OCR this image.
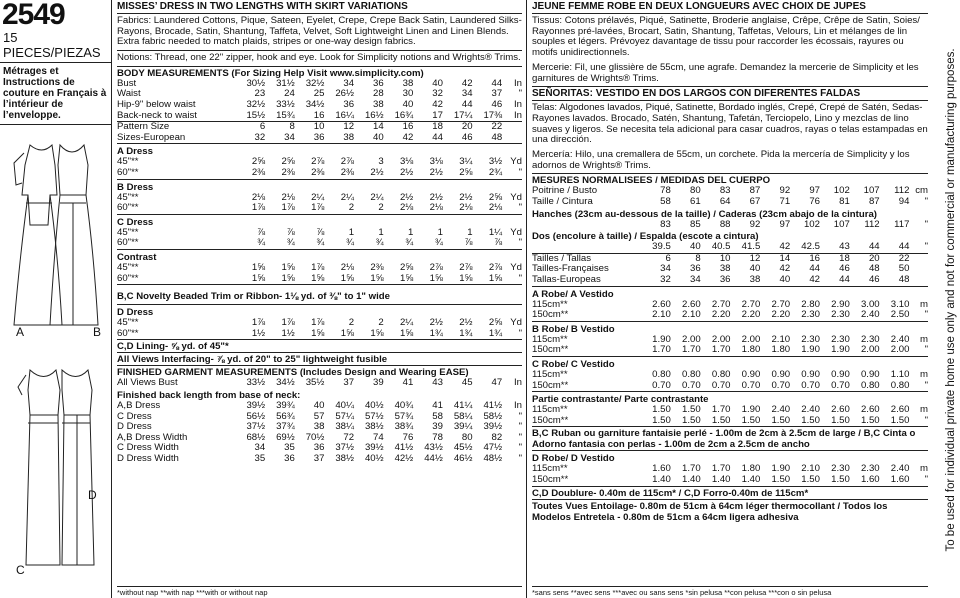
2549
15 PIECES/PIEZAS
Métrages et Instructions de couture en Français à l’intérieur de l’enveloppe.
A	B
C
D
MISSES’ DRESS IN TWO LENGTHS WITH SKIRT VARIATIONS
Fabrics: Laundered Cottons, Pique, Sateen, Eyelet, Crepe, Crepe Back Satin, Laundered Silks-Rayons, Brocade, Satin, Shantung, Taffeta, Velvet, Soft Lightweight Linen and Linen Blends. Extra fabric needed to match plaids, stripes or one-way design fabrics.
Notions: Thread, one 22" zipper, hook and eye. Look for Simplicity notions and Wrights® Trims.
BODY MEASUREMENTS (For Sizing Help Visit www.simplicity.com)
Bust	30½	31½	32½	34	36	38	40	42	44	In
Waist	23	24	25	26½	28	30	32	34	37	"
Hip-9" below waist	32½	33½	34½	36	38	40	42	44	46	In
Back-neck to waist	15½	15¾	16	16¼	16½	16¾	17	17¼	17⅜	In
Pattern Size	6	8	10	12	14	16	18	20	22	
Sizes-European	32	34	36	38	40	42	44	46	48	
A Dress
45"**	2⅝	2⅝	2⅞	2⅞	3	3⅛	3⅛	3¼	3½	Yd
60"**	2⅜	2⅜	2⅜	2⅜	2½	2½	2½	2⅝	2¾	"
B Dress
45"**	2⅛	2⅛	2¼	2¼	2¼	2½	2½	2½	2⅝	Yd
60"**	1⅞	1⅞	1⅞	2	2	2⅛	2⅛	2⅛	2⅛	"
C Dress
45"**	⅞	⅞	⅞	1	1	1	1	1	1¼	Yd
60"**	¾	¾	¾	¾	¾	¾	¾	⅞	⅞	"
Contrast
45"**	1⅝	1⅝	1⅞	2⅛	2⅜	2⅝	2⅞	2⅞	2⅞	Yd
60"**	1⅝	1⅝	1⅝	1⅝	1⅝	1⅝	1⅝	1⅝	1⅝	"
B,C Novelty Beaded Trim or Ribbon- 1⅛ yd. of ⅜" to 1" wide
D Dress
45"**	1⅞	1⅞	1⅞	2	2	2¼	2½	2½	2⅝	Yd
60"**	1½	1½	1⅝	1⅝	1⅝	1⅝	1¾	1¾	1¾	"
C,D Lining- ⅝ yd. of 45"*
All Views Interfacing- ⅞ yd. of 20" to 25" lightweight fusible
FINISHED GARMENT MEASUREMENTS (Includes Design and Wearing EASE)
All Views Bust	33½	34½	35½	37	39	41	43	45	47	In
Finished back length from base of neck:
A,B Dress	39½	39¾	40	40¼	40½	40¾	41	41¼	41½	In
C Dress	56½	56¾	57	57¼	57½	57¾	58	58¼	58½	"
D Dress	37½	37¾	38	38¼	38½	38¾	39	39¼	39½	"
A,B Dress Width	68½	69½	70½	72	74	76	78	80	82	"
C Dress Width	34	35	36	37½	39½	41½	43½	45½	47½	"
D Dress Width	35	36	37	38½	40½	42½	44½	46½	48½	"
*without nap **with nap ***with or without nap
JEUNE FEMME ROBE EN DEUX LONGUEURS AVEC CHOIX DE JUPES
Tissus: Cotons prélavés, Piqué, Satinette, Broderie anglaise, Crêpe, Crêpe de Satin, Soies/ Rayonnes pré-lavées, Brocart, Satin, Shantung, Taffetas, Velours, Lin et mélanges de lin souples et légers. Prévoyez davantage de tissu pour raccorder les écossais, rayures ou motifs unidirectionnels.
Mercerie: Fil, une glissière de 55cm, une agrafe. Demandez la mercerie de Simplicity et les garnitures de Wrights® Trims.
SEÑORITAS: VESTIDO EN DOS LARGOS CON DIFERENTES FALDAS
Telas: Algodones lavados, Piqué, Satinette, Bordado inglés, Crepé, Crepé de Satén, Sedas-Rayones lavados. Brocado, Satén, Shantung, Tafetán, Terciopelo, Lino y mezclas de lino suaves y ligeros. Se necesita tela adicional para casar cuadros, rayas o telas estampadas en una dirección.
Mercería: Hilo, una cremallera de 55cm, un corchete. Pida la mercería de Simplicity y los adornos de Wrights® Trims.
MESURES NORMALISEES / MEDIDAS DEL CUERPO
Poitrine / Busto	78	80	83	87	92	97	102	107	112	cm
Taille / Cintura	58	61	64	67	71	76	81	87	94	"
Hanches (23cm au-dessous de la taille) / Caderas (23cm abajo de la cintura)
	83	85	88	92	97	102	107	112	117	"
Dos (encolure à taille) / Espalda (escote a cintura)
	39.5	40	40.5	41.5	42	42.5	43	44	44	"
Tailles / Tallas	6	8	10	12	14	16	18	20	22	
Tailles-Françaises	34	36	38	40	42	44	46	48	50	
Tallas-Europeas	32	34	36	38	40	42	44	46	48	
A Robe/ A Vestido
115cm**	2.60	2.60	2.70	2.70	2.70	2.80	2.90	3.00	3.10	m
150cm**	2.10	2.10	2.20	2.20	2.20	2.30	2.30	2.40	2.50	"
B Robe/ B Vestido
115cm**	1.90	2.00	2.00	2.00	2.10	2.30	2.30	2.30	2.40	m
150cm**	1.70	1.70	1.70	1.80	1.80	1.90	1.90	2.00	2.00	"
C Robe/ C Vestido
115cm**	0.80	0.80	0.80	0.90	0.90	0.90	0.90	0.90	1.10	m
150cm**	0.70	0.70	0.70	0.70	0.70	0.70	0.70	0.80	0.80	"
Partie contrastante/ Parte contrastante
115cm**	1.50	1.50	1.70	1.90	2.40	2.40	2.60	2.60	2.60	m
150cm**	1.50	1.50	1.50	1.50	1.50	1.50	1.50	1.50	1.50	"
B,C Ruban ou garniture fantaisie perlé - 1.00m de 2cm à 2.5cm de large / B,C Cinta o Adorno fantasia con perlas - 1.00m de 2cm a 2.5cm de ancho
D Robe/ D Vestido
115cm**	1.60	1.70	1.70	1.80	1.90	2.10	2.30	2.30	2.40	m
150cm**	1.40	1.40	1.40	1.40	1.50	1.50	1.50	1.60	1.60	"
C,D Doublure- 0.40m de 115cm* / C,D Forro-0.40m de 115cm*
Toutes Vues Entoilage- 0.80m de 51cm à 64cm léger thermocollant / Todos los Modelos Entretela - 0.80m de 51cm a 64cm ligera adhesiva
*sans sens **avec sens ***avec ou sans sens *sin pelusa **con pelusa ***con o sin pelusa
To be used for individual private home use only and not for commercial or manufacturing purposes.
